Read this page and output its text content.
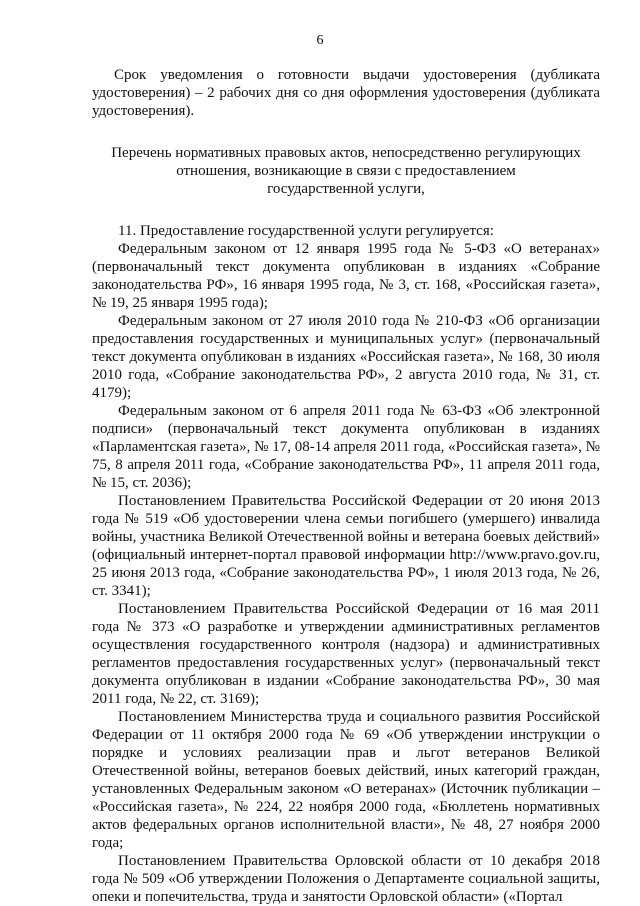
6

Срок уведомления о готовности выдачи удостоверения (дубликата удостоверения) – 2 рабочих дня со дня оформления удостоверения (дубликата удостоверения).

Перечень нормативных правовых актов, непосредственно регулирующих
отношения, возникающие в связи с предоставлением
государственной услуги,

11. Предоставление государственной услуги регулируется:

Федеральным законом от 12 января 1995 года № 5-ФЗ «О ветеранах» (первоначальный текст документа опубликован в изданиях «Собрание законодательства РФ», 16 января 1995 года, № 3, ст. 168, «Российская газета», № 19, 25 января 1995 года);

Федеральным законом от 27 июля 2010 года № 210-ФЗ «Об организации предоставления государственных и муниципальных услуг» (первоначальный текст документа опубликован в изданиях «Российская газета», № 168, 30 июля 2010 года, «Собрание законодательства РФ», 2 августа 2010 года, № 31, ст. 4179);

Федеральным законом от 6 апреля 2011 года № 63-ФЗ «Об электронной подписи» (первоначальный текст документа опубликован в изданиях «Парламентская газета», № 17, 08-14 апреля 2011 года, «Российская газета», № 75, 8 апреля 2011 года, «Собрание законодательства РФ», 11 апреля 2011 года, № 15, ст. 2036);

Постановлением Правительства Российской Федерации от 20 июня 2013 года № 519 «Об удостоверении члена семьи погибшего (умершего) инвалида войны, участника Великой Отечественной войны и ветерана боевых действий» (официальный интернет-портал правовой информации http://www.pravo.gov.ru, 25 июня 2013 года, «Собрание законодательства РФ», 1 июля 2013 года, № 26, ст. 3341);

Постановлением Правительства Российской Федерации от 16 мая 2011 года № 373 «О разработке и утверждении административных регламентов осуществления государственного контроля (надзора) и административных регламентов предоставления государственных услуг» (первоначальный текст документа опубликован в издании «Собрание законодательства РФ», 30 мая 2011 года, № 22, ст. 3169);

Постановлением Министерства труда и социального развития Российской Федерации от 11 октября 2000 года № 69 «Об утверждении инструкции о порядке и условиях реализации прав и льгот ветеранов Великой Отечественной войны, ветеранов боевых действий, иных категорий граждан, установленных Федеральным законом «О ветеранах» (Источник публикации – «Российская газета», № 224, 22 ноября 2000 года, «Бюллетень нормативных актов федеральных органов исполнительной власти», № 48, 27 ноября 2000 года;

Постановлением Правительства Орловской области от 10 декабря 2018 года № 509 «Об утверждении Положения о Департаменте социальной защиты, опеки и попечительства, труда и занятости Орловской области» («Портал
